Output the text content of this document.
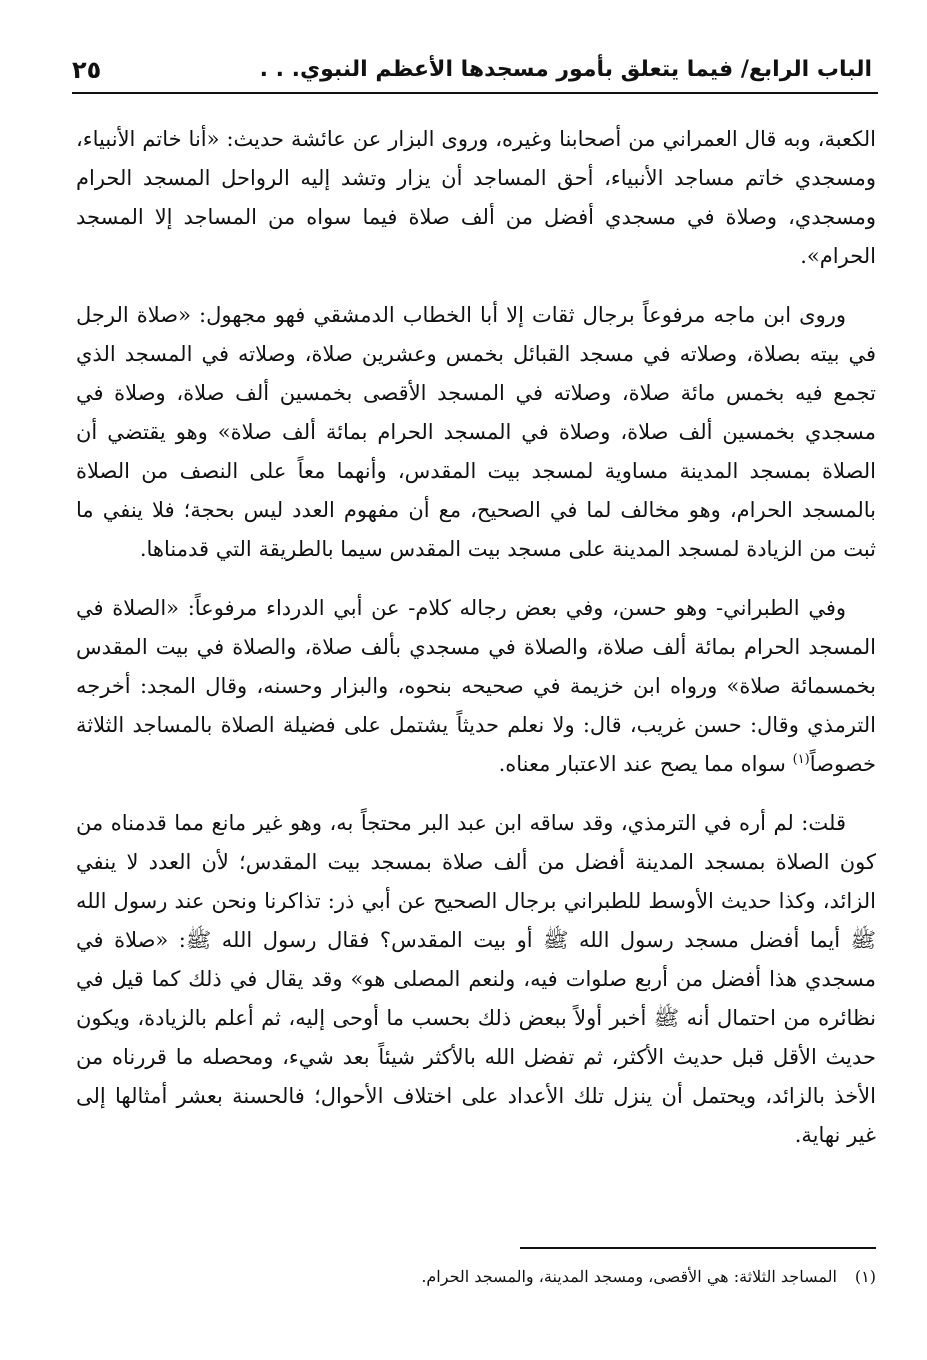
الباب الرابع/ فيما يتعلق بأمور مسجدها الأعظم النبوي. . .
٢٥

الكعبة، وبه قال العمراني من أصحابنا وغيره، وروى البزار عن عائشة حديث: «أنا خاتم الأنبياء، ومسجدي خاتم مساجد الأنبياء، أحق المساجد أن يزار وتشد إليه الرواحل المسجد الحرام ومسجدي، وصلاة في مسجدي أفضل من ألف صلاة فيما سواه من المساجد إلا المسجد الحرام».

وروى ابن ماجه مرفوعاً برجال ثقات إلا أبا الخطاب الدمشقي فهو مجهول: «صلاة الرجل في بيته بصلاة، وصلاته في مسجد القبائل بخمس وعشرين صلاة، وصلاته في المسجد الذي تجمع فيه بخمس مائة صلاة، وصلاته في المسجد الأقصى بخمسين ألف صلاة، وصلاة في مسجدي بخمسين ألف صلاة، وصلاة في المسجد الحرام بمائة ألف صلاة» وهو يقتضي أن الصلاة بمسجد المدينة مساوية لمسجد بيت المقدس، وأنهما معاً على النصف من الصلاة بالمسجد الحرام، وهو مخالف لما في الصحيح، مع أن مفهوم العدد ليس بحجة؛ فلا ينفي ما ثبت من الزيادة لمسجد المدينة على مسجد بيت المقدس سيما بالطريقة التي قدمناها.

وفي الطبراني- وهو حسن، وفي بعض رجاله كلام- عن أبي الدرداء مرفوعاً: «الصلاة في المسجد الحرام بمائة ألف صلاة، والصلاة في مسجدي بألف صلاة، والصلاة في بيت المقدس بخمسمائة صلاة» ورواه ابن خزيمة في صحيحه بنحوه، والبزار وحسنه، وقال المجد: أخرجه الترمذي وقال: حسن غريب، قال: ولا نعلم حديثاً يشتمل على فضيلة الصلاة بالمساجد الثلاثة خصوصاً$^{(١)}$ سواه مما يصح عند الاعتبار معناه.

قلت: لم أره في الترمذي، وقد ساقه ابن عبد البر محتجاً به، وهو غير مانع مما قدمناه من كون الصلاة بمسجد المدينة أفضل من ألف صلاة بمسجد بيت المقدس؛ لأن العدد لا ينفي الزائد، وكذا حديث الأوسط للطبراني برجال الصحيح عن أبي ذر: تذاكرنا ونحن عند رسول الله ﷺ أيما أفضل مسجد رسول الله ﷺ أو بيت المقدس؟ فقال رسول الله ﷺ: «صلاة في مسجدي هذا أفضل من أربع صلوات فيه، ولنعم المصلى هو» وقد يقال في ذلك كما قيل في نظائره من احتمال أنه ﷺ أخبر أولاً ببعض ذلك بحسب ما أوحى إليه، ثم أعلم بالزيادة، ويكون حديث الأقل قبل حديث الأكثر، ثم تفضل الله بالأكثر شيئاً بعد شيء، ومحصله ما قررناه من الأخذ بالزائد، ويحتمل أن ينزل تلك الأعداد على اختلاف الأحوال؛ فالحسنة بعشر أمثالها إلى غير نهاية.

(١)المساجد الثلاثة: هي الأقصى، ومسجد المدينة، والمسجد الحرام.
